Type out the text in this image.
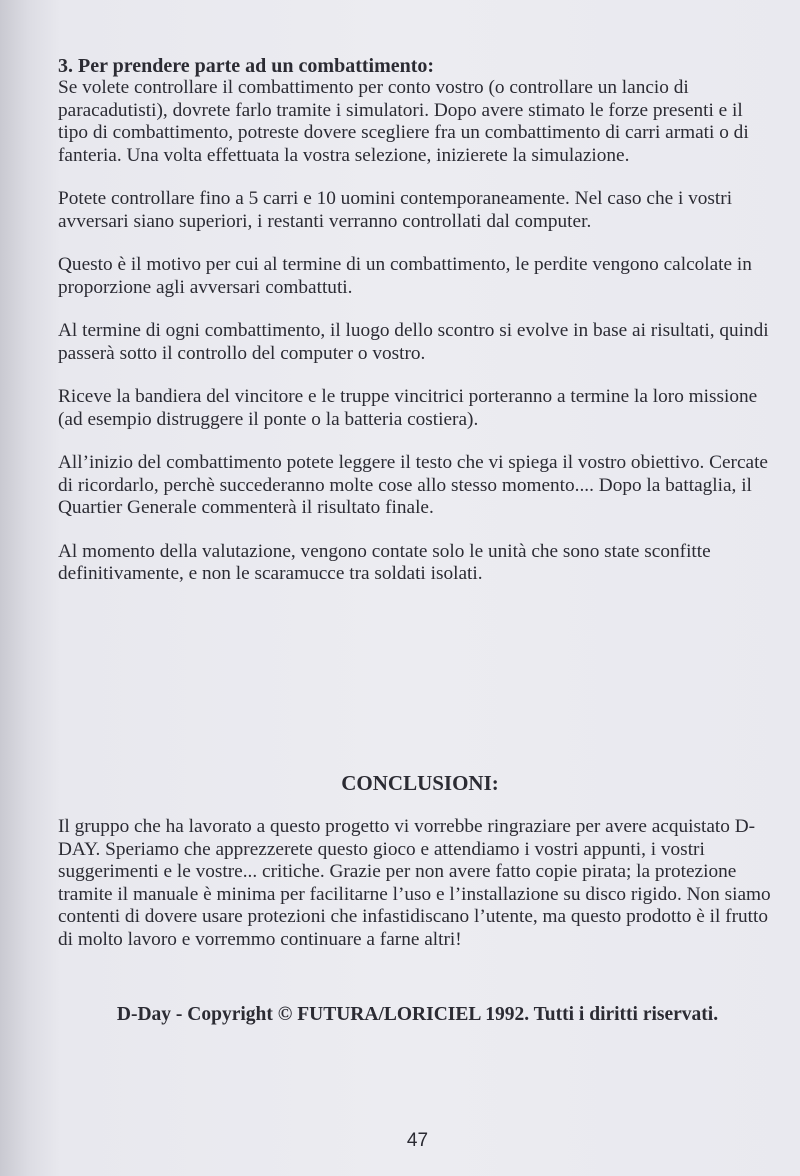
3. Per prendere parte ad un combattimento:

Se volete controllare il combattimento per conto vostro (o controllare un lancio di paracadutisti), dovrete farlo tramite i simulatori. Dopo avere stimato le forze presenti e il tipo di combattimento, potreste dovere scegliere fra un combattimento di carri armati o di fanteria. Una volta effettuata la vostra selezione, inizierete la simulazione.

Potete controllare fino a 5 carri e 10 uomini contemporaneamente. Nel caso che i vostri avversari siano superiori, i restanti verranno controllati dal computer.

Questo è il motivo per cui al termine di un combattimento, le perdite vengono calcolate in proporzione agli avversari combattuti.

Al termine di ogni combattimento, il luogo dello scontro si evolve in base ai risultati, quindi passerà sotto il controllo del computer o vostro.

Riceve la bandiera del vincitore e le truppe vincitrici porteranno a termine la loro missione (ad esempio distruggere il ponte o la batteria costiera).

All’inizio del combattimento potete leggere il testo che vi spiega il vostro obiettivo. Cercate di ricordarlo, perchè succederanno molte cose allo stesso momento.... Dopo la battaglia, il Quartier Generale commenterà il risultato finale.

Al momento della valutazione, vengono contate solo le unità che sono state sconfitte definitivamente, e non le scaramucce tra soldati isolati.

CONCLUSIONI:

Il gruppo che ha lavorato a questo progetto vi vorrebbe ringraziare per avere acquistato D-DAY. Speriamo che apprezzerete questo gioco e attendiamo i vostri appunti, i vostri suggerimenti e le vostre... critiche. Grazie per non avere fatto copie pirata; la protezione tramite il manuale è minima per facilitarne l’uso e l’installazione su disco rigido. Non siamo contenti di dovere usare protezioni che infastidiscano l’utente, ma questo prodotto è il frutto di molto lavoro e vorremmo continuare a farne altri!

D-Day - Copyright © FUTURA/LORICIEL 1992. Tutti i diritti riservati.

47
